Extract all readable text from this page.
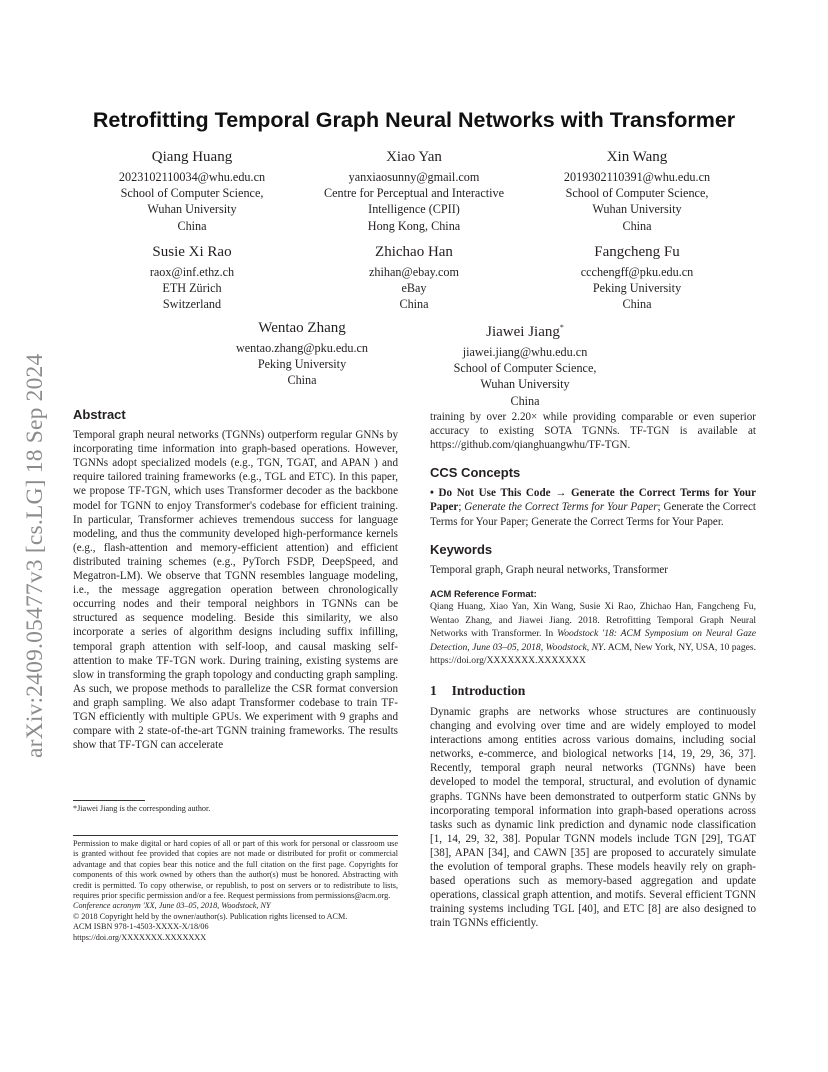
arXiv:2409.05477v3 [cs.LG] 18 Sep 2024
Retrofitting Temporal Graph Neural Networks with Transformer
Qiang Huang
2023102110034@whu.edu.cn
School of Computer Science,
Wuhan University
China
Xiao Yan
yanxiaosunny@gmail.com
Centre for Perceptual and Interactive
Intelligence (CPII)
Hong Kong, China
Xin Wang
2019302110391@whu.edu.cn
School of Computer Science,
Wuhan University
China
Susie Xi Rao
raox@inf.ethz.ch
ETH Zürich
Switzerland
Zhichao Han
zhihan@ebay.com
eBay
China
Fangcheng Fu
ccchengff@pku.edu.cn
Peking University
China
Wentao Zhang
wentao.zhang@pku.edu.cn
Peking University
China
Jiawei Jiang*
jiawei.jiang@whu.edu.cn
School of Computer Science,
Wuhan University
China
Abstract

Temporal graph neural networks (TGNNs) outperform regular GNNs by incorporating time information into graph-based operations. However, TGNNs adopt specialized models (e.g., TGN, TGAT, and APAN ) and require tailored training frameworks (e.g., TGL and ETC). In this paper, we propose TF-TGN, which uses Transformer decoder as the backbone model for TGNN to enjoy Transformer's codebase for efficient training. In particular, Transformer achieves tremendous success for language modeling, and thus the community developed high-performance kernels (e.g., flash-attention and memory-efficient attention) and efficient distributed training schemes (e.g., PyTorch FSDP, DeepSpeed, and Megatron-LM). We observe that TGNN resembles language modeling, i.e., the message aggregation operation between chronologically occurring nodes and their temporal neighbors in TGNNs can be structured as sequence modeling. Beside this similarity, we also incorporate a series of algorithm designs including suffix infilling, temporal graph attention with self-loop, and causal masking self-attention to make TF-TGN work. During training, existing systems are slow in transforming the graph topology and conducting graph sampling. As such, we propose methods to parallelize the CSR format conversion and graph sampling. We also adapt Transformer codebase to train TF-TGN efficiently with multiple GPUs. We experiment with 9 graphs and compare with 2 state-of-the-art TGNN training frameworks. The results show that TF-TGN can accelerate

*Jiawei Jiang is the corresponding author.

Permission to make digital or hard copies of all or part of this work for personal or classroom use is granted without fee provided that copies are not made or distributed for profit or commercial advantage and that copies bear this notice and the full citation on the first page. Copyrights for components of this work owned by others than the author(s) must be honored. Abstracting with credit is permitted. To copy otherwise, or republish, to post on servers or to redistribute to lists, requires prior specific permission and/or a fee. Request permissions from permissions@acm.org.

Conference acronym 'XX, June 03–05, 2018, Woodstock, NY

© 2018 Copyright held by the owner/author(s). Publication rights licensed to ACM.

ACM ISBN 978-1-4503-XXXX-X/18/06

https://doi.org/XXXXXXX.XXXXXXX

training by over 2.20× while providing comparable or even superior accuracy to existing SOTA TGNNs. TF-TGN is available at https://github.com/qianghuangwhu/TF-TGN.

CCS Concepts

• Do Not Use This Code → Generate the Correct Terms for Your Paper; Generate the Correct Terms for Your Paper; Generate the Correct Terms for Your Paper; Generate the Correct Terms for Your Paper.

Keywords

Temporal graph, Graph neural networks, Transformer

ACM Reference Format:

Qiang Huang, Xiao Yan, Xin Wang, Susie Xi Rao, Zhichao Han, Fangcheng Fu, Wentao Zhang, and Jiawei Jiang. 2018. Retrofitting Temporal Graph Neural Networks with Transformer. In Woodstock '18: ACM Symposium on Neural Gaze Detection, June 03–05, 2018, Woodstock, NY. ACM, New York, NY, USA, 10 pages. https://doi.org/XXXXXXX.XXXXXXX

1 Introduction

Dynamic graphs are networks whose structures are continuously changing and evolving over time and are widely employed to model interactions among entities across various domains, including social networks, e-commerce, and biological networks [14, 19, 29, 36, 37]. Recently, temporal graph neural networks (TGNNs) have been developed to model the temporal, structural, and evolution of dynamic graphs. TGNNs have been demonstrated to outperform static GNNs by incorporating temporal information into graph-based operations across tasks such as dynamic link prediction and dynamic node classification [1, 14, 29, 32, 38]. Popular TGNN models include TGN [29], TGAT [38], APAN [34], and CAWN [35] are proposed to accurately simulate the evolution of temporal graphs. These models heavily rely on graph-based operations such as memory-based aggregation and update operations, classical graph attention, and motifs. Several efficient TGNN training systems including TGL [40], and ETC [8] are also designed to train TGNNs efficiently.
